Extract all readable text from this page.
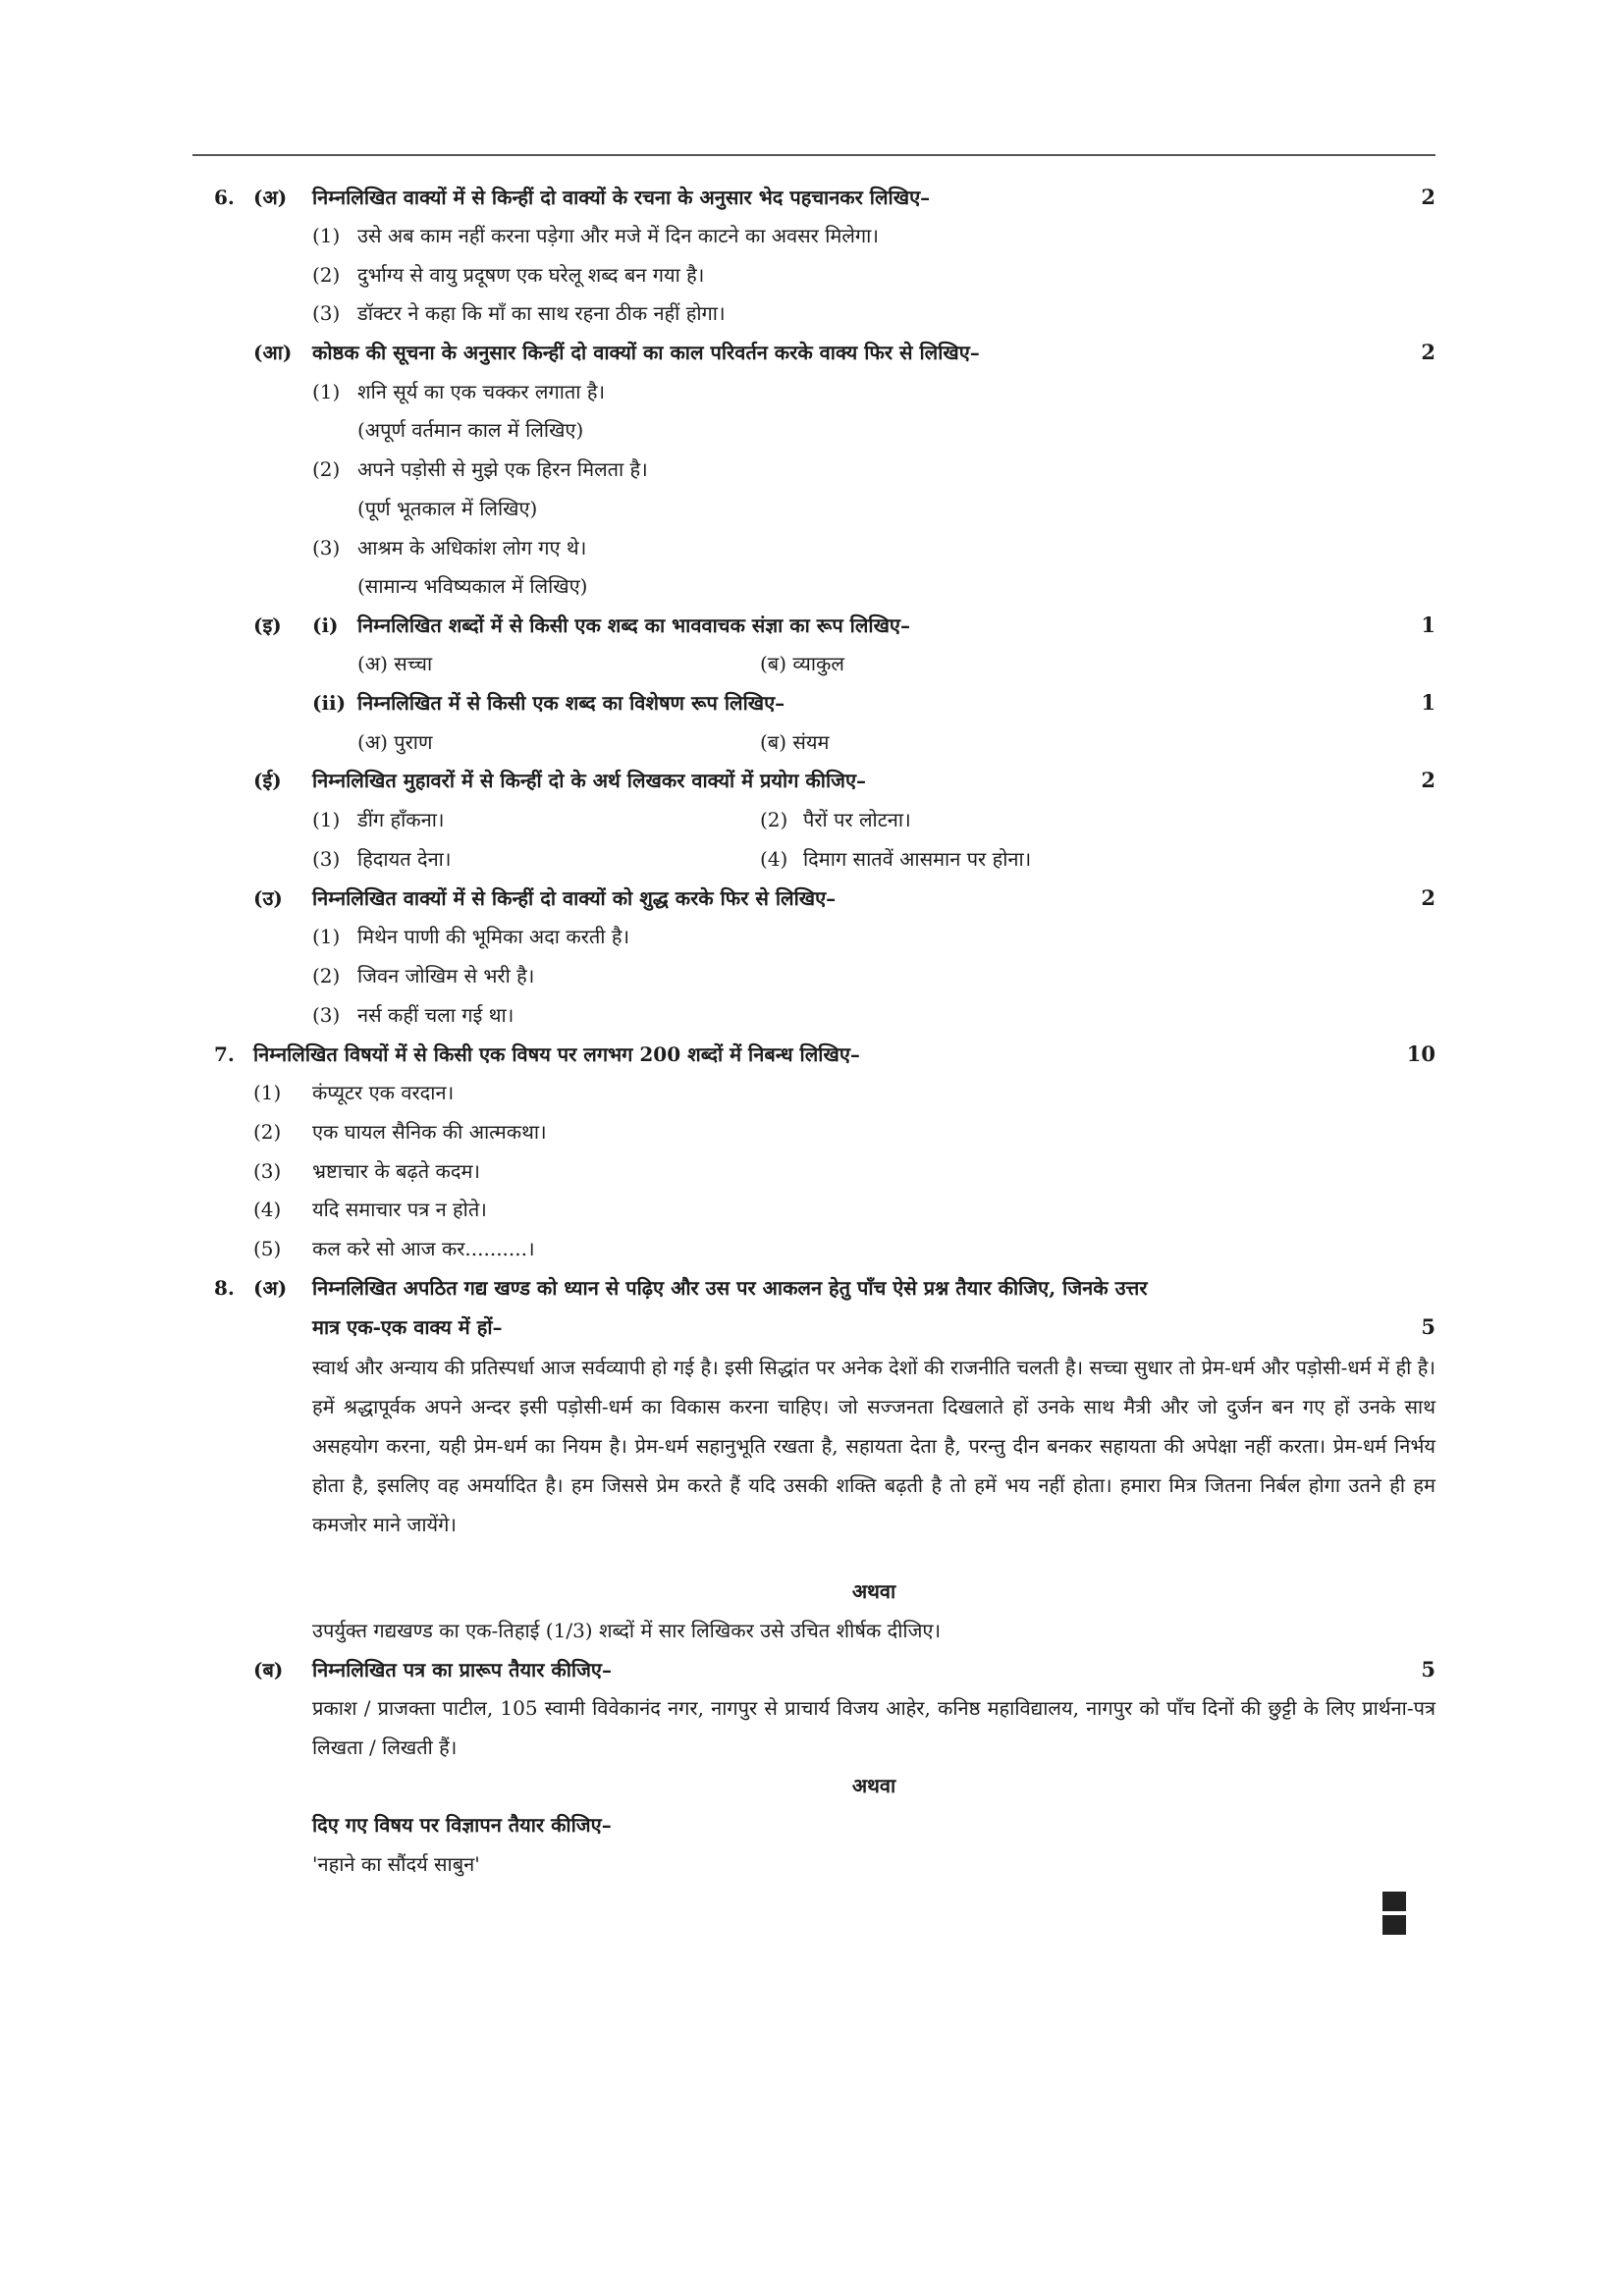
6. (अ) निम्नलिखित वाक्यों में से किन्हीं दो वाक्यों के रचना के अनुसार भेद पहचानकर लिखिए–	2
(1) उसे अब काम नहीं करना पड़ेगा और मजे में दिन काटने का अवसर मिलेगा।
(2) दुर्भाग्य से वायु प्रदूषण एक घरेलू शब्द बन गया है।
(3) डॉक्टर ने कहा कि माँ का साथ रहना ठीक नहीं होगा।
(आ) कोष्ठक की सूचना के अनुसार किन्हीं दो वाक्यों का काल परिवर्तन करके वाक्य फिर से लिखिए–	2
(1) शनि सूर्य का एक चक्कर लगाता है।
(अपूर्ण वर्तमान काल में लिखिए)
(2) अपने पड़ोसी से मुझे एक हिरन मिलता है।
(पूर्ण भूतकाल में लिखिए)
(3) आश्रम के अधिकांश लोग गए थे।
(सामान्य भविष्यकाल में लिखिए)
(इ) (i) निम्नलिखित शब्दों में से किसी एक शब्द का भाववाचक संज्ञा का रूप लिखिए–	1
(अ) सच्चा	(ब) व्याकुल
(ii) निम्नलिखित में से किसी एक शब्द का विशेषण रूप लिखिए–	1
(अ) पुराण	(ब) संयम
(ई) निम्नलिखित मुहावरों में से किन्हीं दो के अर्थ लिखकर वाक्यों में प्रयोग कीजिए–	2
(1) डींग हाँकना।	(2) पैरों पर लोटना।
(3) हिदायत देना।	(4) दिमाग सातवें आसमान पर होना।
(उ) निम्नलिखित वाक्यों में से किन्हीं दो वाक्यों को शुद्ध करके फिर से लिखिए–	2
(1) मिथेन पाणी की भूमिका अदा करती है।
(2) जिवन जोखिम से भरी है।
(3) नर्स कहीं चला गई था।
7. निम्नलिखित विषयों में से किसी एक विषय पर लगभग 200 शब्दों में निबन्ध लिखिए–	10
(1) कंप्यूटर एक वरदान।
(2) एक घायल सैनिक की आत्मकथा।
(3) भ्रष्टाचार के बढ़ते कदम।
(4) यदि समाचार पत्र न होते।
(5) कल करे सो आज कर..........।
8. (अ) निम्नलिखित अपठित गद्य खण्ड को ध्यान से पढ़िए और उस पर आकलन हेतु पाँच ऐसे प्रश्न तैयार कीजिए, जिनके उत्तर
मात्र एक-एक वाक्य में हों–	5
स्वार्थ और अन्याय की प्रतिस्पर्धा आज सर्वव्यापी हो गई है। इसी सिद्धांत पर अनेक देशों की राजनीति चलती है। सच्चा सुधार तो प्रेम-धर्म और पड़ोसी-धर्म में ही है। हमें श्रद्धापूर्वक अपने अन्दर इसी पड़ोसी-धर्म का विकास करना चाहिए। जो सज्जनता दिखलाते हों उनके साथ मैत्री और जो दुर्जन बन गए हों उनके साथ असहयोग करना, यही प्रेम-धर्म का नियम है। प्रेम-धर्म सहानुभूति रखता है, सहायता देता है, परन्तु दीन बनकर सहायता की अपेक्षा नहीं करता। प्रेम-धर्म निर्भय होता है, इसलिए वह अमर्यादित है। हम जिससे प्रेम करते हैं यदि उसकी शक्ति बढ़ती है तो हमें भय नहीं होता। हमारा मित्र जितना निर्बल होगा उतने ही हम कमजोर माने जायेंगे।
अथवा
उपर्युक्त गद्यखण्ड का एक-तिहाई (1/3) शब्दों में सार लिखिकर उसे उचित शीर्षक दीजिए।
(ब) निम्नलिखित पत्र का प्रारूप तैयार कीजिए–	5
प्रकाश / प्राजक्ता पाटील, 105 स्वामी विवेकानंद नगर, नागपुर से प्राचार्य विजय आहेर, कनिष्ठ महाविद्यालय, नागपुर को पाँच दिनों की छुट्टी के लिए प्रार्थना-पत्र लिखता / लिखती हैं।
अथवा
दिए गए विषय पर विज्ञापन तैयार कीजिए–
'नहाने का सौंदर्य साबुन'
